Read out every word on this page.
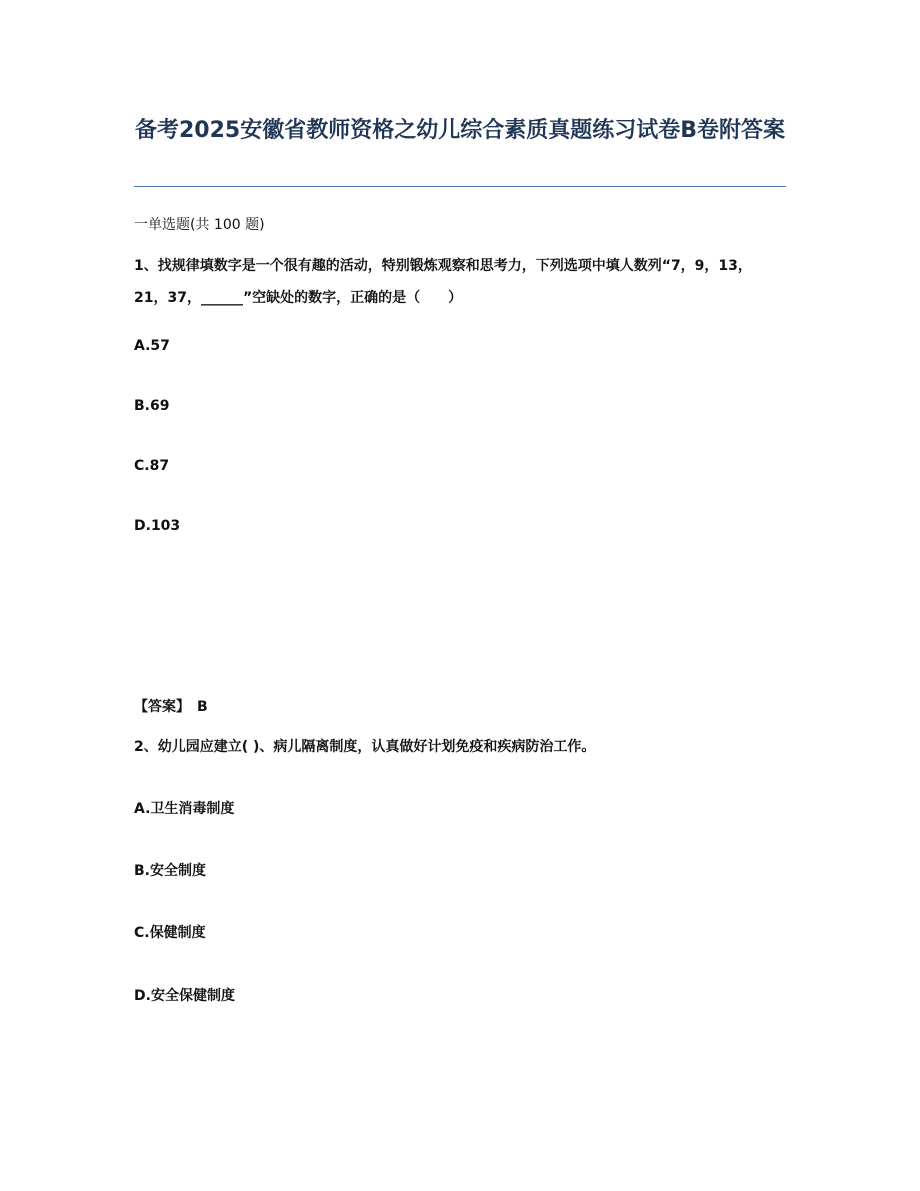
备考2025安徽省教师资格之幼儿综合素质真题练习试卷B卷附答案
一单选题(共 100 题)
1、找规律填数字是一个很有趣的活动，特别锻炼观察和思考力，下列选项中填人数列“7，9，13，21，37，______”空缺处的数字，正确的是（　　）
A.57
B.69
C.87
D.103
【答案】　B
2、幼儿园应建立( )、病儿隔离制度，认真做好计划免疫和疾病防治工作。
A.卫生消毒制度
B.安全制度
C.保健制度
D.安全保健制度
